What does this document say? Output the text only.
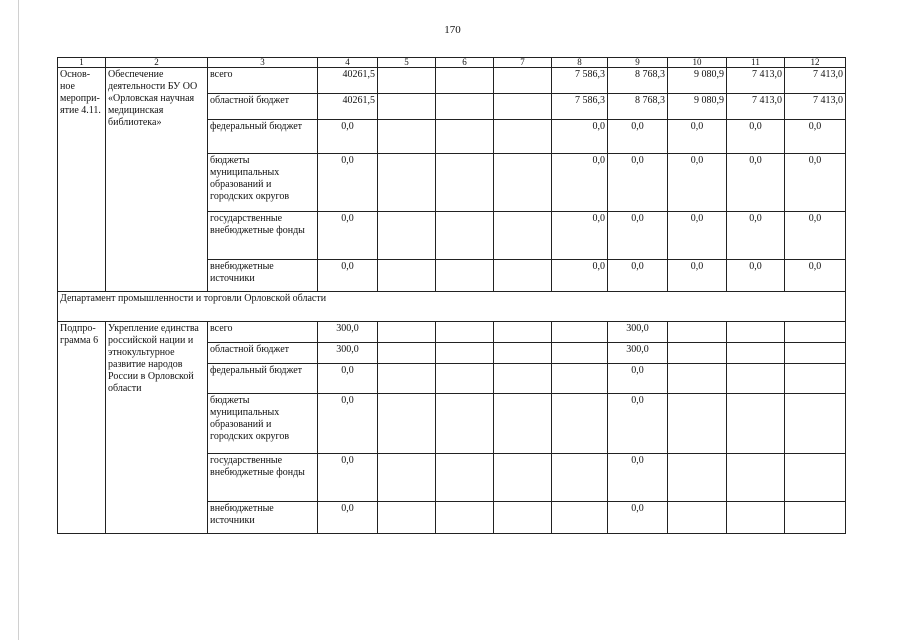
170
1	2	3	4	5	6	7	8	9	10	11	12
Основ-ное меропри-ятие 4.11.	Обеспечение деятельности БУ ОО «Орловская научная медицинская библиотека»	всего	40261,5				7 586,3	8 768,3	9 080,9	7 413,0	7 413,0
		областной бюджет	40261,5				7 586,3	8 768,3	9 080,9	7 413,0	7 413,0
		федеральный бюджет	0,0				0,0	0,0	0,0	0,0	0,0
		бюджеты муниципальных образований и городских округов	0,0				0,0	0,0	0,0	0,0	0,0
		государственные внебюджетные фонды	0,0				0,0	0,0	0,0	0,0	0,0
		внебюджетные источники	0,0				0,0	0,0	0,0	0,0	0,0
Департамент промышленности и торговли Орловской области											
Подпро-грамма 6	Укрепление единства российской нации и этнокультурное развитие народов России в Орловской области	всего	300,0					300,0			
		областной бюджет	300,0					300,0			
		федеральный бюджет	0,0					0,0			
		бюджеты муниципальных образований и городских округов	0,0					0,0			
		государственные внебюджетные фонды	0,0					0,0			
		внебюджетные источники	0,0					0,0			
